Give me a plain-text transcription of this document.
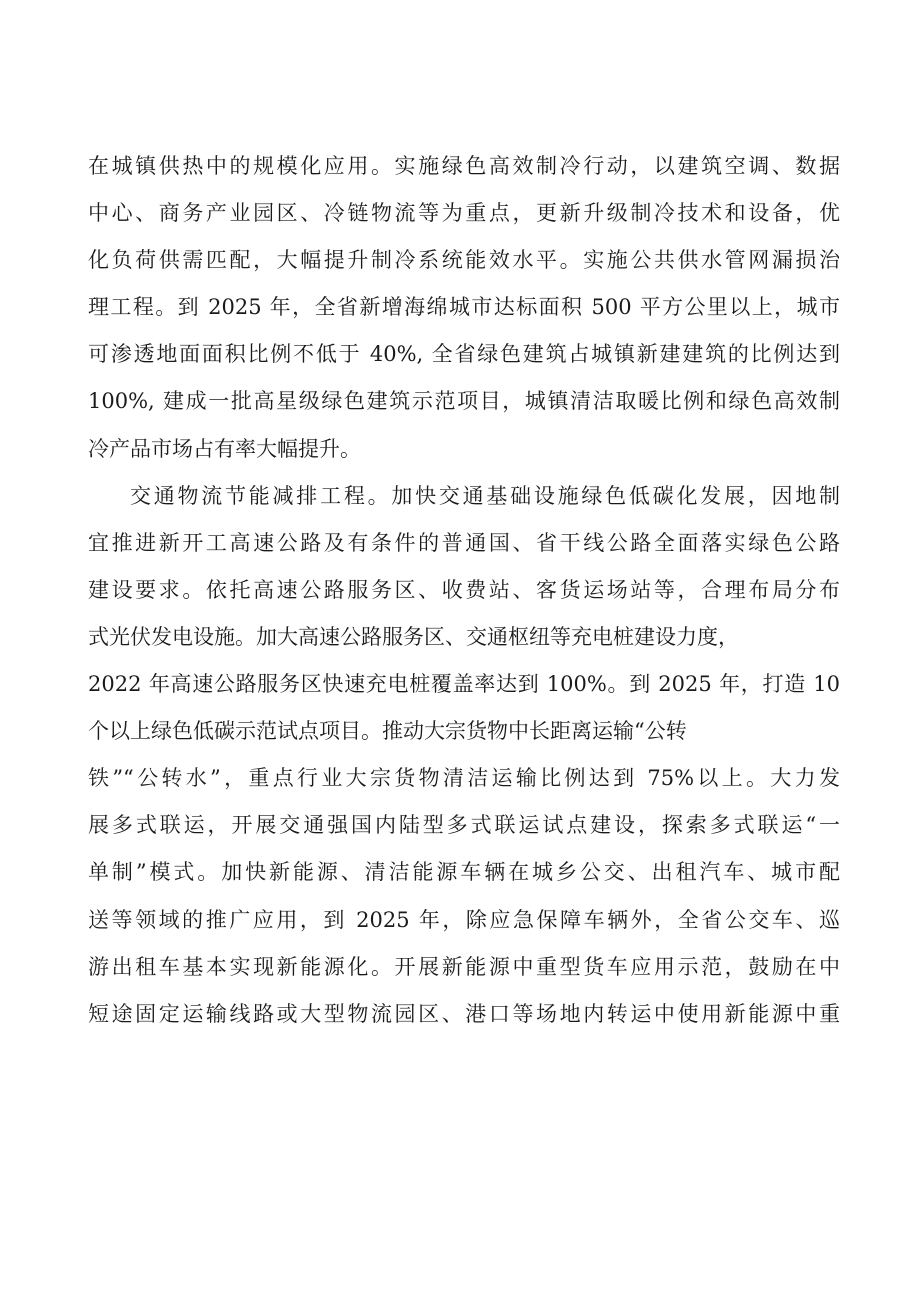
在城镇供热中的规模化应用。实施绿色高效制冷行动，以建筑空调、数据
中心、商务产业园区、冷链物流等为重点，更新升级制冷技术和设备，优
化负荷供需匹配，大幅提升制冷系统能效水平。实施公共供水管网漏损治
理工程。到 2025 年，全省新增海绵城市达标面积 500 平方公里以上，城市
可渗透地面面积比例不低于 40%, 全省绿色建筑占城镇新建建筑的比例达到
100%, 建成一批高星级绿色建筑示范项目，城镇清洁取暖比例和绿色高效制
冷产品市场占有率大幅提升。
交通物流节能减排工程。加快交通基础设施绿色低碳化发展，因地制
宜推进新开工高速公路及有条件的普通国、省干线公路全面落实绿色公路
建设要求。依托高速公路服务区、收费站、客货运场站等，合理布局分布
式光伏发电设施。加大高速公路服务区、交通枢纽等充电桩建设力度，
2022 年高速公路服务区快速充电桩覆盖率达到 100%。到 2025 年，打造 10
个以上绿色低碳示范试点项目。推动大宗货物中长距离运输“公转
铁”“公转水”，重点行业大宗货物清洁运输比例达到 75%以上。大力发
展多式联运，开展交通强国内陆型多式联运试点建设，探索多式联运“一
单制”模式。加快新能源、清洁能源车辆在城乡公交、出租汽车、城市配
送等领域的推广应用，到 2025 年，除应急保障车辆外，全省公交车、巡
游出租车基本实现新能源化。开展新能源中重型货车应用示范，鼓励在中
短途固定运输线路或大型物流园区、港口等场地内转运中使用新能源中重
